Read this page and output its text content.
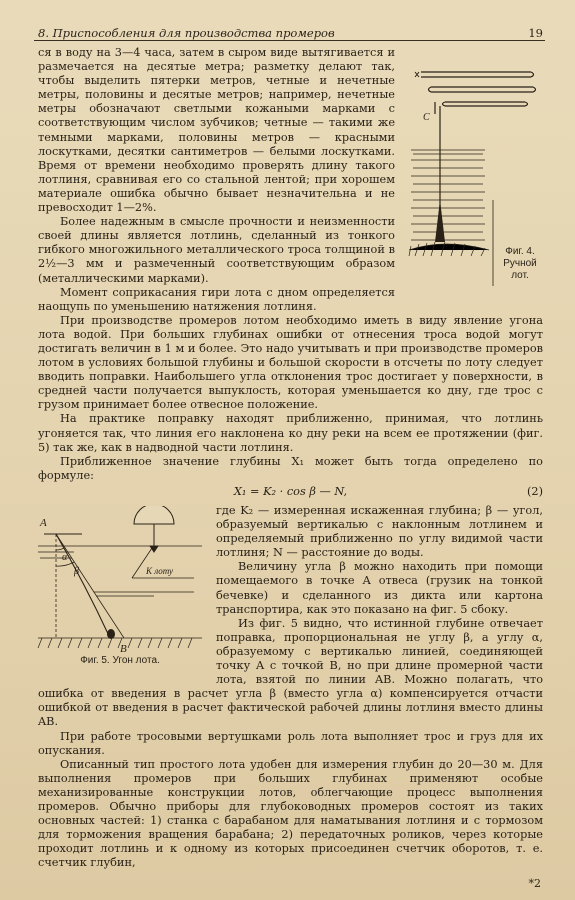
8. Приспособления для производства промеров	19
С
Фиг. 4.
Ручной
лот.

ся в воду на 3—4 часа, затем в сыром виде вытягивается и размечается на десятые метра; разметку делают так, чтобы выделить пятерки метров, четные и нечетные метры, половины и десятые метров; например, нечетные метры обозначают светлыми кожаными марками с соответствующим числом зубчиков; четные — такими же темными марками, половины метров — красными лоскутками, десятки сантиметров — белыми лоскутками. Время от времени необходимо проверять длину такого лотлиня, сравнивая его со стальной лентой; при хорошем материале ошибка обычно бывает незначительна и не превосходит 1—2%.

Более надежным в смысле прочности и неизменности своей длины является лотлинь, сделанный из тонкого гибкого многожильного металлического троса толщиной в 2½—3 мм и размеченный соответствующим образом (металлическими марками).

Момент соприкасания гири лота с дном определяется наощупь по уменьшению натяжения лотлиня.

При производстве промеров лотом необходимо иметь в виду явление угона лота водой. При больших глубинах ошибки от отнесения троса водой могут достигать величин в 1 м и более. Это надо учитывать и при производстве промеров лотом в условиях большой глубины и большой скорости в отсчеты по лоту следует вводить поправки. Наибольшего угла отклонения трос достигает у поверхности, в средней части получается выпуклость, которая уменьшается ко дну, где трос с грузом принимает более отвесное положение.

На практике поправку находят приближенно, принимая, что лотлинь угоняется так, что линия его наклонена ко дну реки на всем ее протяжении (фиг. 5) так же, как в надводной части лотлиня.

Приближенное значение глубины X₁ может быть тогда определено по формуле:

X₁ = K₂ · cos β — N,	(2)
А
В
α
β	К лоту
Фиг. 5. Угон лота.

где K₂ — измеренная искаженная глубина; β — угол, образуемый вертикалью с наклонным лотлинем и определяемый приближенно по углу видимой части лотлиня; N — расстояние до воды.

Величину угла β можно находить при помощи помещаемого в точке A отвеса (грузик на тонкой бечевке) и сделанного из дикта или картона транспортира, как это показано на фиг. 5 сбоку.

Из фиг. 5 видно, что истинной глубине отвечает поправка, пропорциональная не углу β, а углу α, образуемому с вертикалью линией, соединяющей точку A с точкой B, но при длине промерной части лота, взятой по линии AB. Можно полагать, что ошибка от введения в расчет угла β (вместо угла α) компенсируется отчасти ошибкой от введения в расчет фактической рабочей длины лотлиня вместо длины AB.

При работе тросовыми вертушками роль лота выполняет трос и груз для их опускания.

Описанный тип простого лота удобен для измерения глубин до 20—30 м. Для выполнения промеров при больших глубинах применяют особые механизированные конструкции лотов, облегчающие процесс выполнения промеров. Обычно приборы для глубоководных промеров состоят из таких основных частей: 1) станка с барабаном для наматывания лотлиня и с тормозом для торможения вращения барабана; 2) передаточных роликов, через которые проходит лотлинь и к одному из которых присоединен счетчик оборотов, т. е. счетчик глубин,

*2
